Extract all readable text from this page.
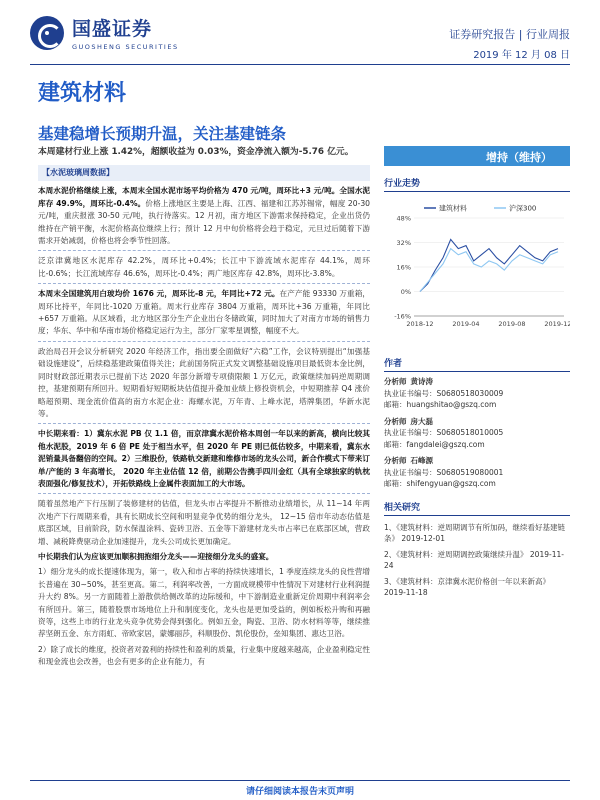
国盛证券
GUOSHENG SECURITIES
证券研究报告 | 行业周报
2019 年 12 月 08 日
建筑材料
基建稳增长预期升温，关注基建链条

本周建材行业上涨 1.42%，超额收益为 0.03%，资金净流入额为-5.76 亿元。

【水泥玻璃周数据】

本周水泥价格继续上涨，本周末全国水泥市场平均价格为 470 元/吨，周环比+3 元/吨。全国水泥库存 49.9%，周环比-0.4%。价格上涨地区主要是上海、江西、福建和江苏苏锡常，幅度 20-30 元/吨，重庆报涨 30-50 元/吨，执行待落实。12 月初，南方地区下游需求保持稳定，企业出货仍维持在产销平衡，水泥价格高位继续上行；预计 12 月中旬价格将会趋于稳定，元旦过后随着下游需求开始减弱，价格也将会季节性回落。

泛京津冀地区水泥库存 42.2%，周环比+0.4%；长江中下游流域水泥库存 44.1%，周环比-0.6%；长江流域库存 46.6%，周环比-0.4%；两广地区库存 42.8%，周环比-3.8%。

本周末全国建筑用白玻均价 1676 元，周环比-8 元，年同比+72 元。在产产能 93330 万重箱，周环比持平，年同比-1020 万重箱。周末行业库存 3804 万重箱，周环比+36 万重箱，年同比+657 万重箱。从区域看，北方地区部分生产企业出台冬储政策，同时加大了对南方市场的销售力度；华东、华中和华南市场价格稳定运行为主，部分厂家零星调整，幅度不大。

政治局召开会议分析研究 2020 年经济工作，指出要全面做好“六稳”工作，会议特别提出“加强基础设施建设”，后续稳基建政策值得关注；此前国务院正式发文调整基础设施项目最低资本金比例，同时财政部近期表示已提前下达 2020 年部分新增专项债限额 1 万亿元，政策继续加码逆周期调控，基建预期有所回升。短期看好短期板块估值提升叠加业绩上修投资机会，中短期推荐 Q4 涨价略超预期、现金流价值高的南方水泥企业：海螺水泥，万年青、上峰水泥，塔牌集团，华新水泥等。

中长期来看：1）冀东水泥 PB 仅 1.1 倍，而京津冀水泥价格本周创一年以来的新高，横向比较其他水泥股，2019 年 6 倍 PE 处于相当水平，但 2020 年 PE 则已低估较多，中期来看，冀东水泥销量具备翻倍的空间。2）三维股份，铁路轨交新建和维修市场的龙头公司，新合作模式下带来订单/产能的 3 年高增长， 2020 年主业估值 12 倍，前期公告携手四川金红（具有全球独家的轨枕表面强化/修复技术），开拓铁路线上金属件表面加工的大市场。

随着虽然地产下行压制了装修建材的估值，但龙头市占率提升不断推动业绩增长，从 11~14 年两次地产下行周期来看，具有长期成长空间和明显竞争优势的细分龙头， 12~15 倍市年动态估值是底部区域，目前阶段，防水保温涂料、瓷砖卫浴、五金等下游建材龙头市占率已在底部区域，营政增、减税降费驱动企业加速提升，龙头公司成长更加确定。

中长期我们认为应该更加顺积拥抱细分龙头——迎接细分龙头的盛宴。

1）细分龙头的成长提速体现为，第一，收入和市占率的持续快速增长，1 季度连续龙头的良性营增长普遍在 30~50%，甚至更高。第二，利润率改善，一方面成规模带中性情况下对建材行业利润提升大约 8%。另一方面随着上游散供给侧改革的边际缓和，中下游制造业重新定价周期中利润率会有所回升。第三，随着股票市场地位上升和制度变化，龙头也是更加受益的，例如板松升购和再融资等，这些上市的行业龙头竞争优势会得到强化。例如五金，陶瓷、卫浴、防水材料等等，继续推荐坚朗五金、东方雨虹、帝欧家居，蒙娜丽莎，科顺股份、凯伦股份，垒知集团、惠达卫浴。

2）除了成长的维度，投资者对盈利的持续性和盈利的质量，行业集中度越来越高，企业盈利稳定性和现金流也会改善，也会有更多的企业有能力，有

增持（维持）
行业走势
-16%
0%
16%
32%
48%
2018-12	2019-04	2019-08	2019-12
建筑材料	沪深300
作者
分析师 黄诗涛
执业证书编号：S0680518030009
邮箱：huangshitao@gszq.com
分析师 房大磊
执业证书编号：S0680518010005
邮箱：fangdalei@gszq.com
分析师 石峰源
执业证书编号：S0680519080001
邮箱：shifengyuan@gszq.com
相关研究
1、《建筑材料：逆周期调节有所加码，继续看好基建链条》 2019-12-01
2、《建筑材料：逆周期调控政策继续升温》 2019-11-24
3、《建筑材料：京津冀水泥价格创一年以来新高》 2019-11-18
请仔细阅读本报告末页声明
